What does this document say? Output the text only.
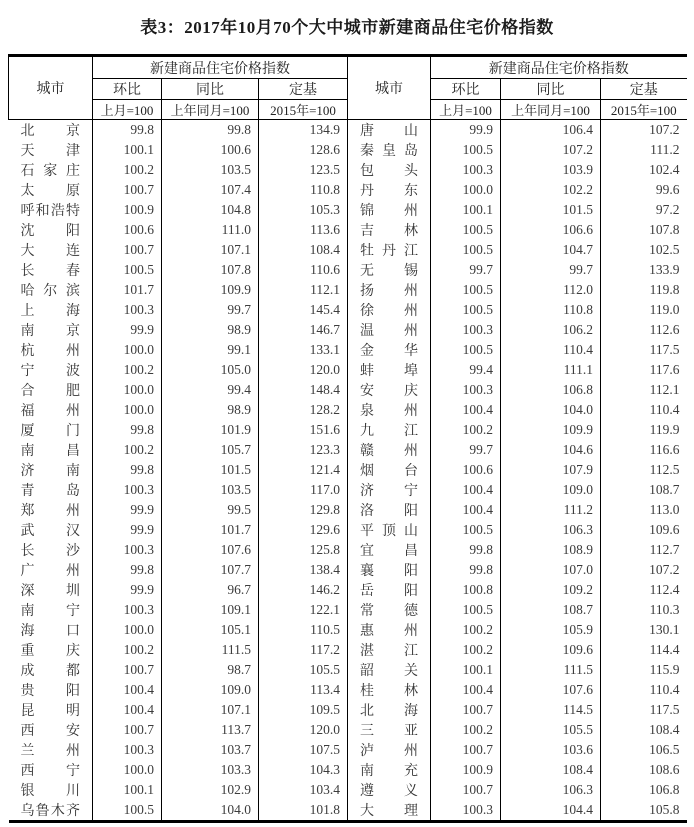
表3：2017年10月70个大中城市新建商品住宅价格指数
城市	新建商品住宅价格指数			城市	新建商品住宅价格指数		
	环比	同比	定基		环比	同比	定基
	上月=100	上年同月=100	2015年=100		上月=100	上年同月=100	2015年=100
北京	99.8	99.8	134.9	唐山	99.9	106.4	107.2
天津	100.1	100.6	128.6	秦皇岛	100.5	107.2	111.2
石家庄	100.2	103.5	123.5	包头	100.3	103.9	102.4
太原	100.7	107.4	110.8	丹东	100.0	102.2	99.6
呼和浩特	100.9	104.8	105.3	锦州	100.1	101.5	97.2
沈阳	100.6	111.0	113.6	吉林	100.5	106.6	107.8
大连	100.7	107.1	108.4	牡丹江	100.5	104.7	102.5
长春	100.5	107.8	110.6	无锡	99.7	99.7	133.9
哈尔滨	101.7	109.9	112.1	扬州	100.5	112.0	119.8
上海	100.3	99.7	145.4	徐州	100.5	110.8	119.0
南京	99.9	98.9	146.7	温州	100.3	106.2	112.6
杭州	100.0	99.1	133.1	金华	100.5	110.4	117.5
宁波	100.2	105.0	120.0	蚌埠	99.4	111.1	117.6
合肥	100.0	99.4	148.4	安庆	100.3	106.8	112.1
福州	100.0	98.9	128.2	泉州	100.4	104.0	110.4
厦门	99.8	101.9	151.6	九江	100.2	109.9	119.9
南昌	100.2	105.7	123.3	赣州	99.7	104.6	116.6
济南	99.8	101.5	121.4	烟台	100.6	107.9	112.5
青岛	100.3	103.5	117.0	济宁	100.4	109.0	108.7
郑州	99.9	99.5	129.8	洛阳	100.4	111.2	113.0
武汉	99.9	101.7	129.6	平顶山	100.5	106.3	109.6
长沙	100.3	107.6	125.8	宜昌	99.8	108.9	112.7
广州	99.8	107.7	138.4	襄阳	99.8	107.0	107.2
深圳	99.9	96.7	146.2	岳阳	100.8	109.2	112.4
南宁	100.3	109.1	122.1	常德	100.5	108.7	110.3
海口	100.0	105.1	110.5	惠州	100.2	105.9	130.1
重庆	100.2	111.5	117.2	湛江	100.2	109.6	114.4
成都	100.7	98.7	105.5	韶关	100.1	111.5	115.9
贵阳	100.4	109.0	113.4	桂林	100.4	107.6	110.4
昆明	100.4	107.1	109.5	北海	100.7	114.5	117.5
西安	100.7	113.7	120.0	三亚	100.2	105.5	108.4
兰州	100.3	103.7	107.5	泸州	100.7	103.6	106.5
西宁	100.0	103.3	104.3	南充	100.9	108.4	108.6
银川	100.1	102.9	103.4	遵义	100.7	106.3	106.8
乌鲁木齐	100.5	104.0	101.8	大理	100.3	104.4	105.8
